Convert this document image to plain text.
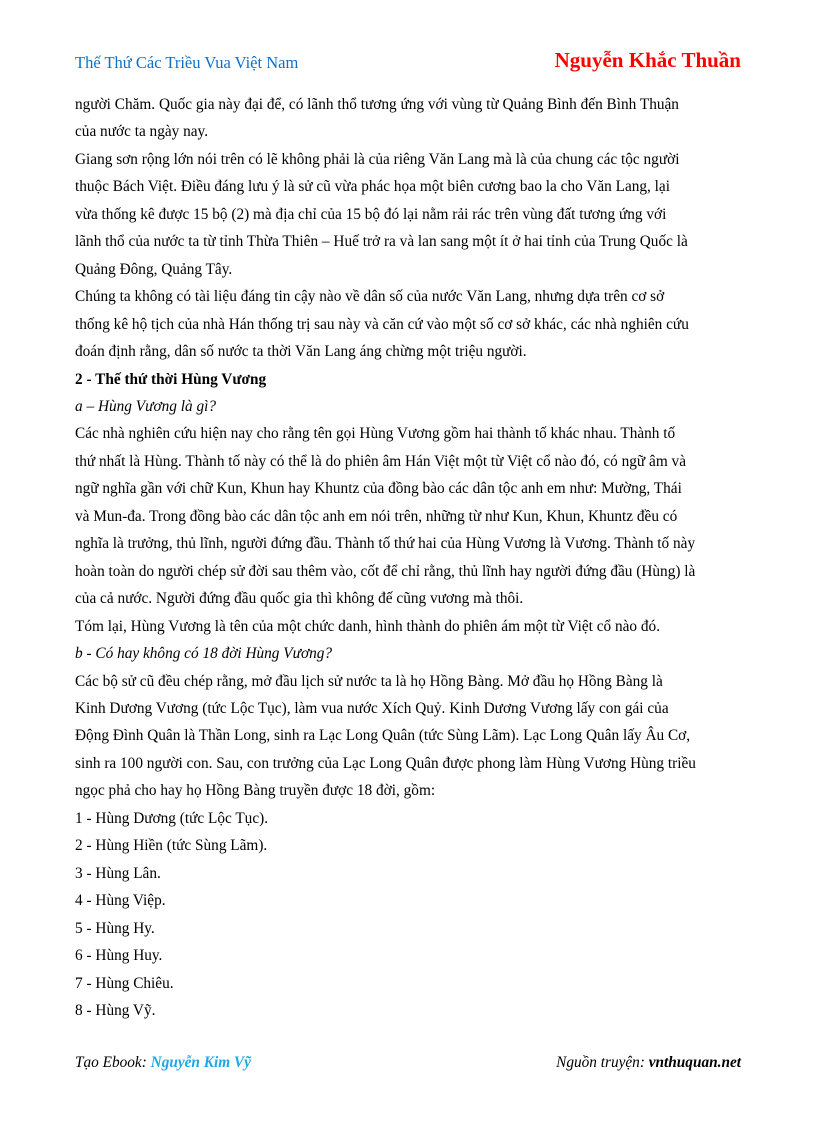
Thế Thứ Các Triều Vua Việt Nam	Nguyễn Khắc Thuần

người Chăm. Quốc gia này đại để, có lãnh thổ tương ứng với vùng từ Quảng Bình đến Bình Thuận

của nước ta ngày nay.

Giang sơn rộng lớn nói trên có lẽ không phải là của riêng Văn Lang mà là của chung các tộc người

thuộc Bách Việt. Điều đáng lưu ý là sử cũ vừa phác họa một biên cương bao la cho Văn Lang, lại

vừa thống kê được 15 bộ (2) mà địa chỉ của 15 bộ đó lại nằm rải rác trên vùng đất tương ứng với

lãnh thổ của nước ta từ tỉnh Thừa Thiên – Huế trở ra và lan sang một ít ở hai tỉnh của Trung Quốc là

Quảng Đông, Quảng Tây.

Chúng ta không có tài liệu đáng tin cậy nào về dân số của nước Văn Lang, nhưng dựa trên cơ sở

thống kê hộ tịch của nhà Hán thống trị sau này và căn cứ vào một số cơ sở khác, các nhà nghiên cứu

đoán định rằng, dân số nước ta thời Văn Lang áng chừng một triệu người.

2 - Thế thứ thời Hùng Vương

a – Hùng Vương là gì?

Các nhà nghiên cứu hiện nay cho rằng tên gọi Hùng Vương gồm hai thành tố khác nhau. Thành tố

thứ nhất là Hùng. Thành tố này có thể là do phiên âm Hán Việt một từ Việt cổ nào đó, có ngữ âm và

ngữ nghĩa gần với chữ Kun, Khun hay Khuntz của đồng bào các dân tộc anh em như: Mường, Thái

và Mun-đa. Trong đồng bào các dân tộc anh em nói trên, những từ như Kun, Khun, Khuntz đều có

nghĩa là trưởng, thủ lĩnh, người đứng đầu. Thành tố thứ hai của Hùng Vương là Vương. Thành tố này

hoàn toàn do người chép sử đời sau thêm vào, cốt để chỉ rằng, thủ lĩnh hay người đứng đầu (Hùng) là

của cả nước. Người đứng đầu quốc gia thì không đế cũng vương mà thôi.

Tóm lại, Hùng Vương là tên của một chức danh, hình thành do phiên ám một từ Việt cổ nào đó.

b - Có hay không có 18 đời Hùng Vương?

Các bộ sử cũ đều chép rằng, mở đầu lịch sử nước ta là họ Hồng Bàng. Mở đầu họ Hồng Bàng là

Kinh Dương Vương (tức Lộc Tục), làm vua nước Xích Quỷ. Kinh Dương Vương lấy con gái của

Động Đình Quân là Thần Long, sinh ra Lạc Long Quân (tức Sùng Lãm). Lạc Long Quân lấy Âu Cơ,

sinh ra 100 người con. Sau, con trưởng của Lạc Long Quân được phong làm Hùng Vương Hùng triều

ngọc phả cho hay họ Hồng Bàng truyền được 18 đời, gồm:

1 - Hùng Dương (tức Lộc Tục).

2 - Hùng Hiền (tức Sùng Lãm).

3 - Hùng Lân.

4 - Hùng Việp.

5 - Hùng Hy.

6 - Hùng Huy.

7 - Hùng Chiêu.

8 - Hùng Vỹ.

Tạo Ebook: Nguyễn Kim Vỹ	Nguồn truyện: vnthuquan.net
